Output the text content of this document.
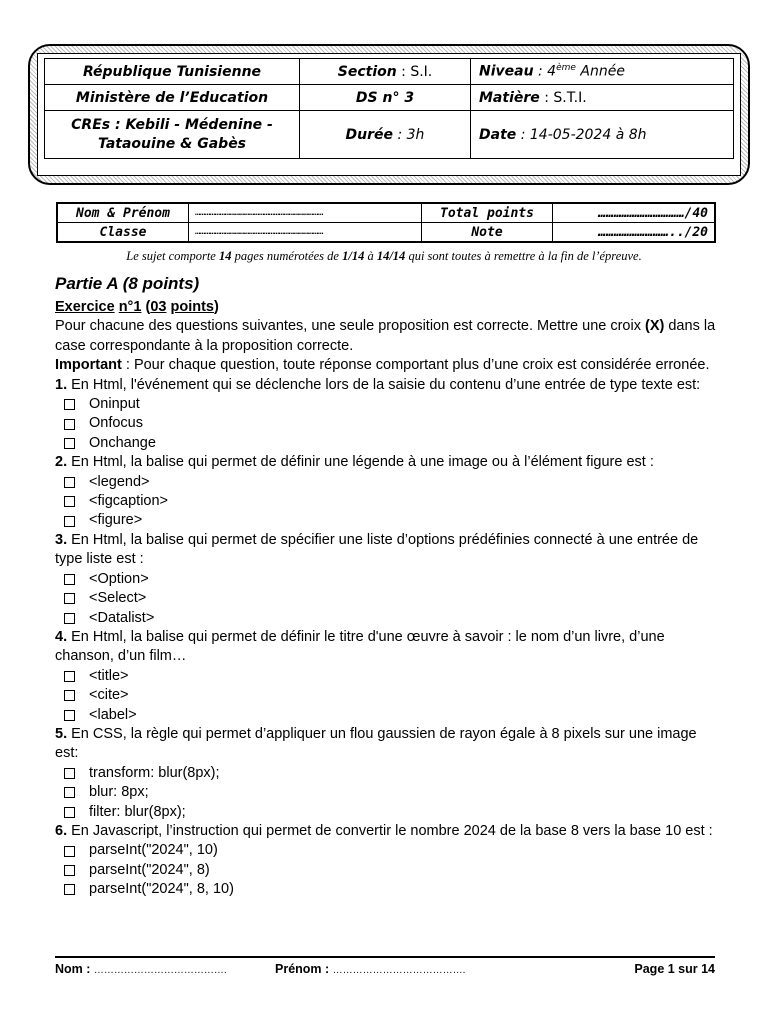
République Tunisienne	Section : S.I.	Niveau : 4ème Année
Ministère de l’Education	DS n° 3	Matière : S.T.I.
CREs : Kebili - Médenine - Tataouine & Gabès	Durée : 3h	Date : 14-05-2024 à 8h
Nom & Prénom	……………………………………………………………………	Total points	……………………………/40
Classe	……………………………………………………………………	Note	………………………../20
Le sujet comporte 14 pages numérotées de 1/14 à 14/14 qui sont toutes à remettre à la fin de l’épreuve.
Partie A (8 points)

Exercice n°1 (03 points)

Pour chacune des questions suivantes, une seule proposition est correcte. Mettre une croix (X) dans la case correspondante à la proposition correcte.

Important : Pour chaque question, toute réponse comportant plus d’une croix est considérée erronée.

1. En Html, l'événement qui se déclenche lors de la saisie du contenu d’une entrée de type texte est:

Oninput
Onfocus
Onchange

2. En Html, la balise qui permet de définir une légende à une image ou à l’élément figure est :

<legend>
<figcaption>
<figure>

3. En Html, la balise qui permet de spécifier une liste d’options prédéfinies connecté à une entrée de type liste est :

<Option>
<Select>
<Datalist>

4. En Html, la balise qui permet de définir le titre d'une œuvre à savoir : le nom d’un livre, d’une chanson, d’un film…

<title>
<cite>
<label>

5. En CSS, la règle qui permet d’appliquer un flou gaussien de rayon égale à 8 pixels sur une image est:

transform: blur(8px);
blur: 8px;
filter: blur(8px);

6. En Javascript, l’instruction qui permet de convertir le nombre 2024 de la base 8 vers la base 10 est :

parseInt("2024", 10)
parseInt("2024", 8)
parseInt("2024", 8, 10)
Nom : ………………………………….	Prénom : ………………………………….	Page 1 sur 14
